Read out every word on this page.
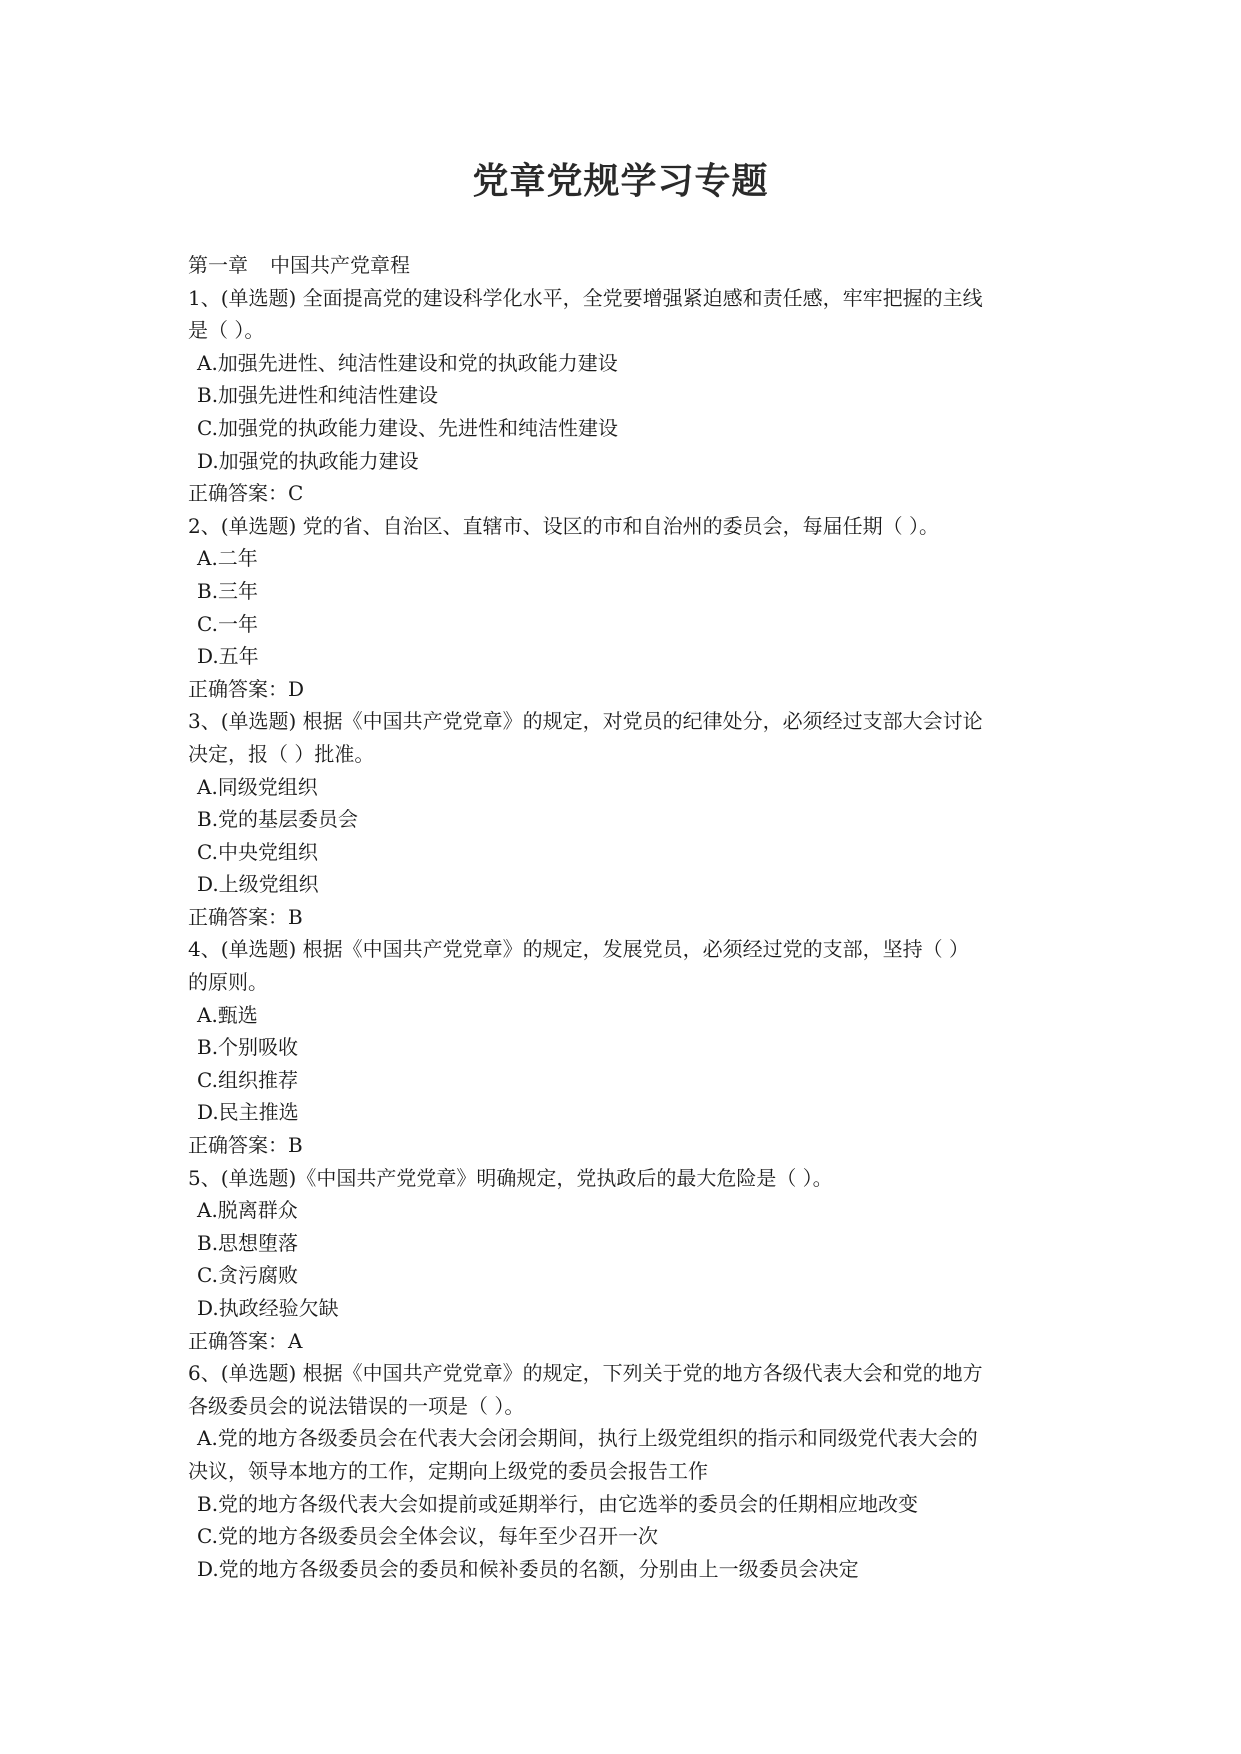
党章党规学习专题
第一章 中国共产党章程
1、(单选题) 全面提高党的建设科学化水平，全党要增强紧迫感和责任感，牢牢把握的主线
是（ ）。
A.加强先进性、纯洁性建设和党的执政能力建设
B.加强先进性和纯洁性建设
C.加强党的执政能力建设、先进性和纯洁性建设
D.加强党的执政能力建设
正确答案：C
2、(单选题) 党的省、自治区、直辖市、设区的市和自治州的委员会，每届任期（ ）。
A.二年
B.三年
C.一年
D.五年
正确答案：D
3、(单选题) 根据《中国共产党党章》的规定，对党员的纪律处分，必须经过支部大会讨论
决定，报（ ）批准。
A.同级党组织
B.党的基层委员会
C.中央党组织
D.上级党组织
正确答案：B
4、(单选题) 根据《中国共产党党章》的规定，发展党员，必须经过党的支部，坚持（ ）
的原则。
A.甄选
B.个别吸收
C.组织推荐
D.民主推选
正确答案：B
5、(单选题)《中国共产党党章》明确规定，党执政后的最大危险是（ ）。
A.脱离群众
B.思想堕落
C.贪污腐败
D.执政经验欠缺
正确答案：A
6、(单选题) 根据《中国共产党党章》的规定，下列关于党的地方各级代表大会和党的地方
各级委员会的说法错误的一项是（ ）。
A.党的地方各级委员会在代表大会闭会期间，执行上级党组织的指示和同级党代表大会的
决议，领导本地方的工作，定期向上级党的委员会报告工作
B.党的地方各级代表大会如提前或延期举行，由它选举的委员会的任期相应地改变
C.党的地方各级委员会全体会议，每年至少召开一次
D.党的地方各级委员会的委员和候补委员的名额，分别由上一级委员会决定
